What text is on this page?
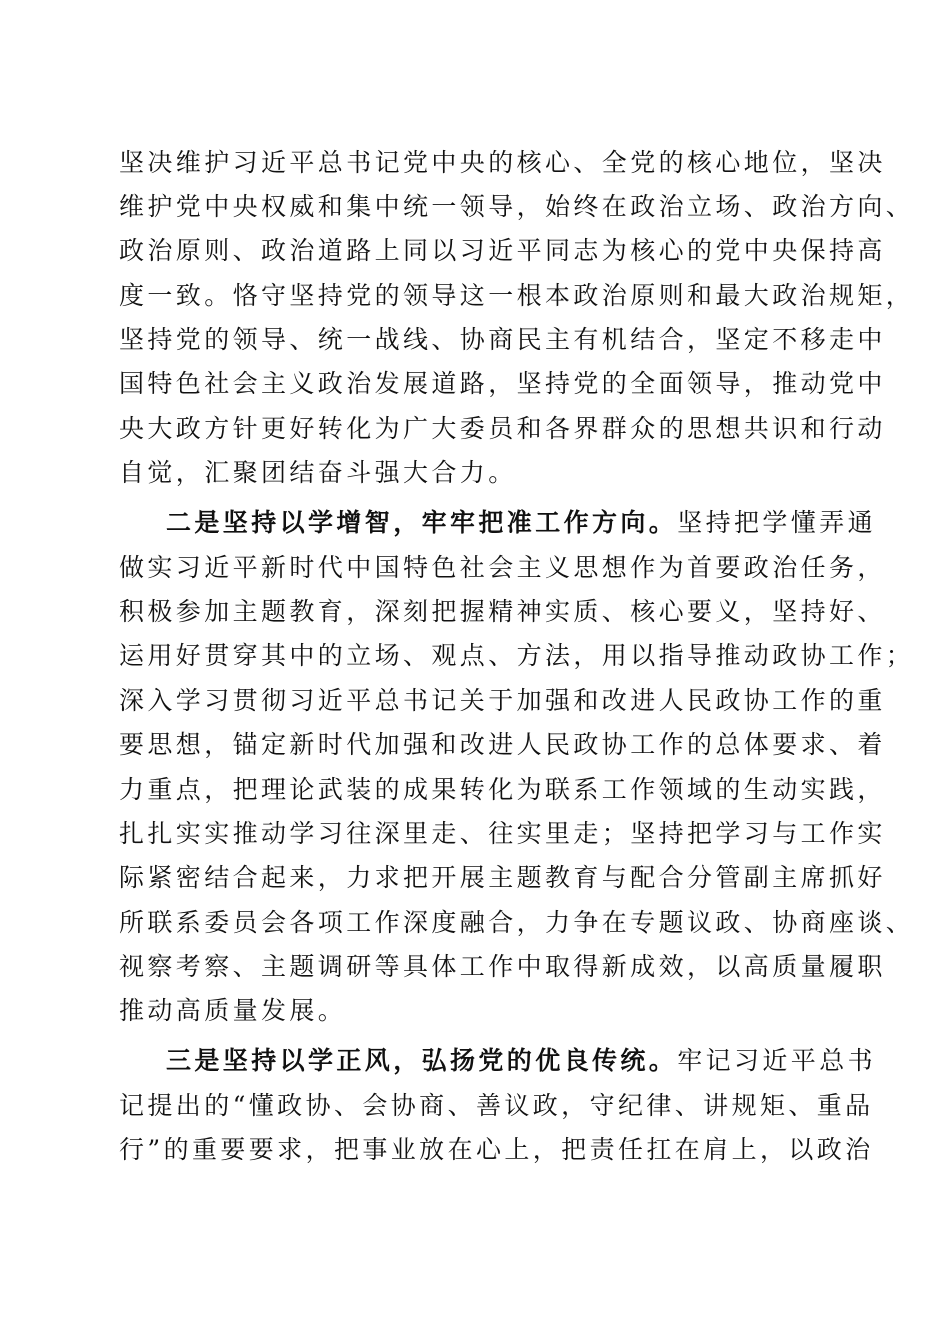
坚决维护习近平总书记党中央的核心、全党的核心地位，坚决
维护党中央权威和集中统一领导，始终在政治立场、政治方向、
政治原则、政治道路上同以习近平同志为核心的党中央保持高
度一致。恪守坚持党的领导这一根本政治原则和最大政治规矩，
坚持党的领导、统一战线、协商民主有机结合，坚定不移走中
国特色社会主义政治发展道路，坚持党的全面领导，推动党中
央大政方针更好转化为广大委员和各界群众的思想共识和行动
自觉，汇聚团结奋斗强大合力。
二是坚持以学增智，牢牢把准工作方向。坚持把学懂弄通
做实习近平新时代中国特色社会主义思想作为首要政治任务，
积极参加主题教育，深刻把握精神实质、核心要义，坚持好、
运用好贯穿其中的立场、观点、方法，用以指导推动政协工作；
深入学习贯彻习近平总书记关于加强和改进人民政协工作的重
要思想，锚定新时代加强和改进人民政协工作的总体要求、着
力重点，把理论武装的成果转化为联系工作领域的生动实践，
扎扎实实推动学习往深里走、往实里走；坚持把学习与工作实
际紧密结合起来，力求把开展主题教育与配合分管副主席抓好
所联系委员会各项工作深度融合，力争在专题议政、协商座谈、
视察考察、主题调研等具体工作中取得新成效，以高质量履职
推动高质量发展。
三是坚持以学正风，弘扬党的优良传统。牢记习近平总书
记提出的“懂政协、会协商、善议政，守纪律、讲规矩、重品
行”的重要要求，把事业放在心上，把责任扛在肩上，以政治
